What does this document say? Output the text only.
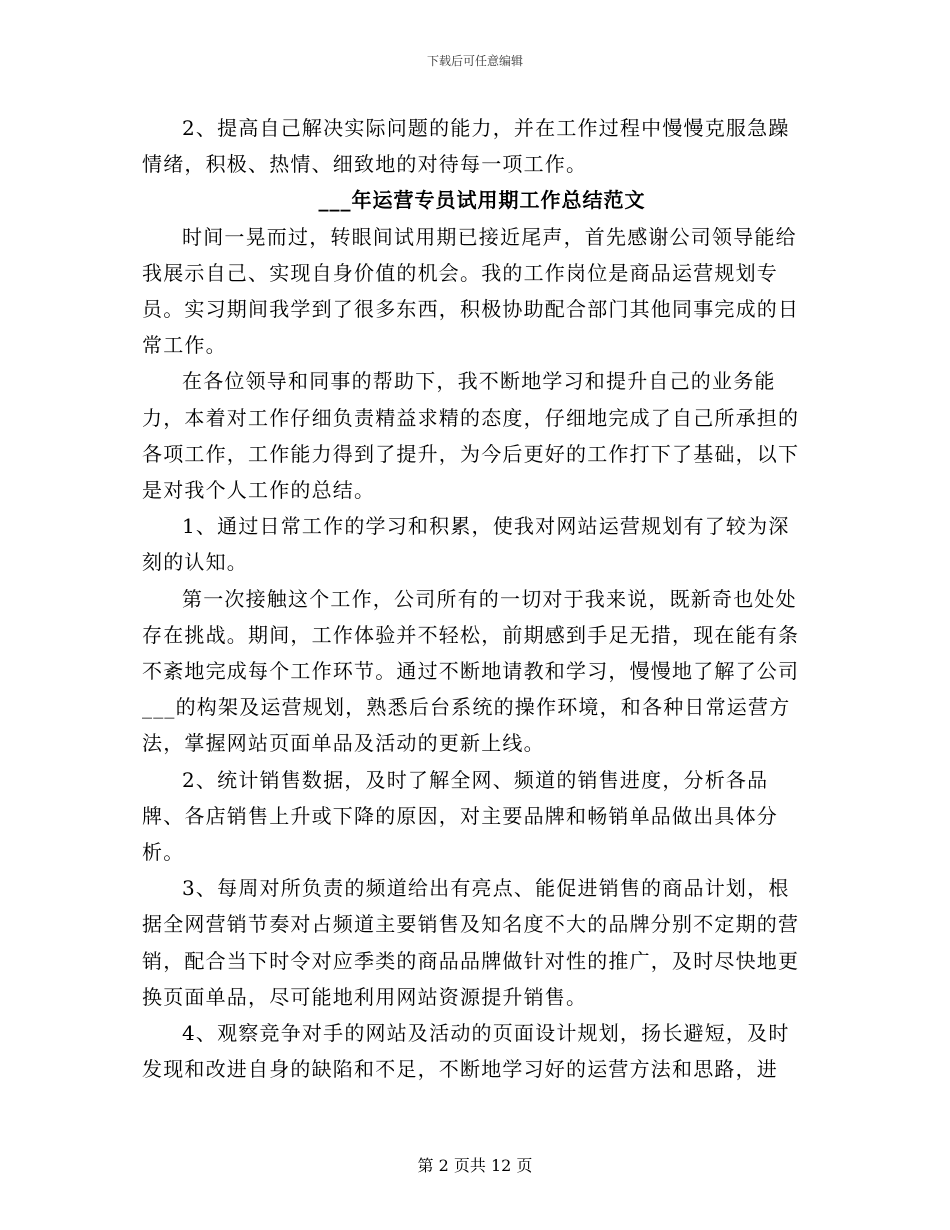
下载后可任意编辑

2、提高自己解决实际问题的能力，并在工作过程中慢慢克服急躁情绪，积极、热情、细致地的对待每一项工作。

___年运营专员试用期工作总结范文

时间一晃而过，转眼间试用期已接近尾声，首先感谢公司领导能给我展示自己、实现自身价值的机会。我的工作岗位是商品运营规划专员。实习期间我学到了很多东西，积极协助配合部门其他同事完成的日常工作。

在各位领导和同事的帮助下，我不断地学习和提升自己的业务能力，本着对工作仔细负责精益求精的态度，仔细地完成了自己所承担的各项工作，工作能力得到了提升，为今后更好的工作打下了基础，以下是对我个人工作的总结。

1、通过日常工作的学习和积累，使我对网站运营规划有了较为深刻的认知。

第一次接触这个工作，公司所有的一切对于我来说，既新奇也处处存在挑战。期间，工作体验并不轻松，前期感到手足无措，现在能有条不紊地完成每个工作环节。通过不断地请教和学习，慢慢地了解了公司___的构架及运营规划，熟悉后台系统的操作环境，和各种日常运营方法，掌握网站页面单品及活动的更新上线。

2、统计销售数据，及时了解全网、频道的销售进度，分析各品牌、各店销售上升或下降的原因，对主要品牌和畅销单品做出具体分析。

3、每周对所负责的频道给出有亮点、能促进销售的商品计划，根据全网营销节奏对占频道主要销售及知名度不大的品牌分别不定期的营销，配合当下时令对应季类的商品品牌做针对性的推广，及时尽快地更换页面单品，尽可能地利用网站资源提升销售。

4、观察竞争对手的网站及活动的页面设计规划，扬长避短，及时发现和改进自身的缺陷和不足，不断地学习好的运营方法和思路，进

第 2 页共 12 页
